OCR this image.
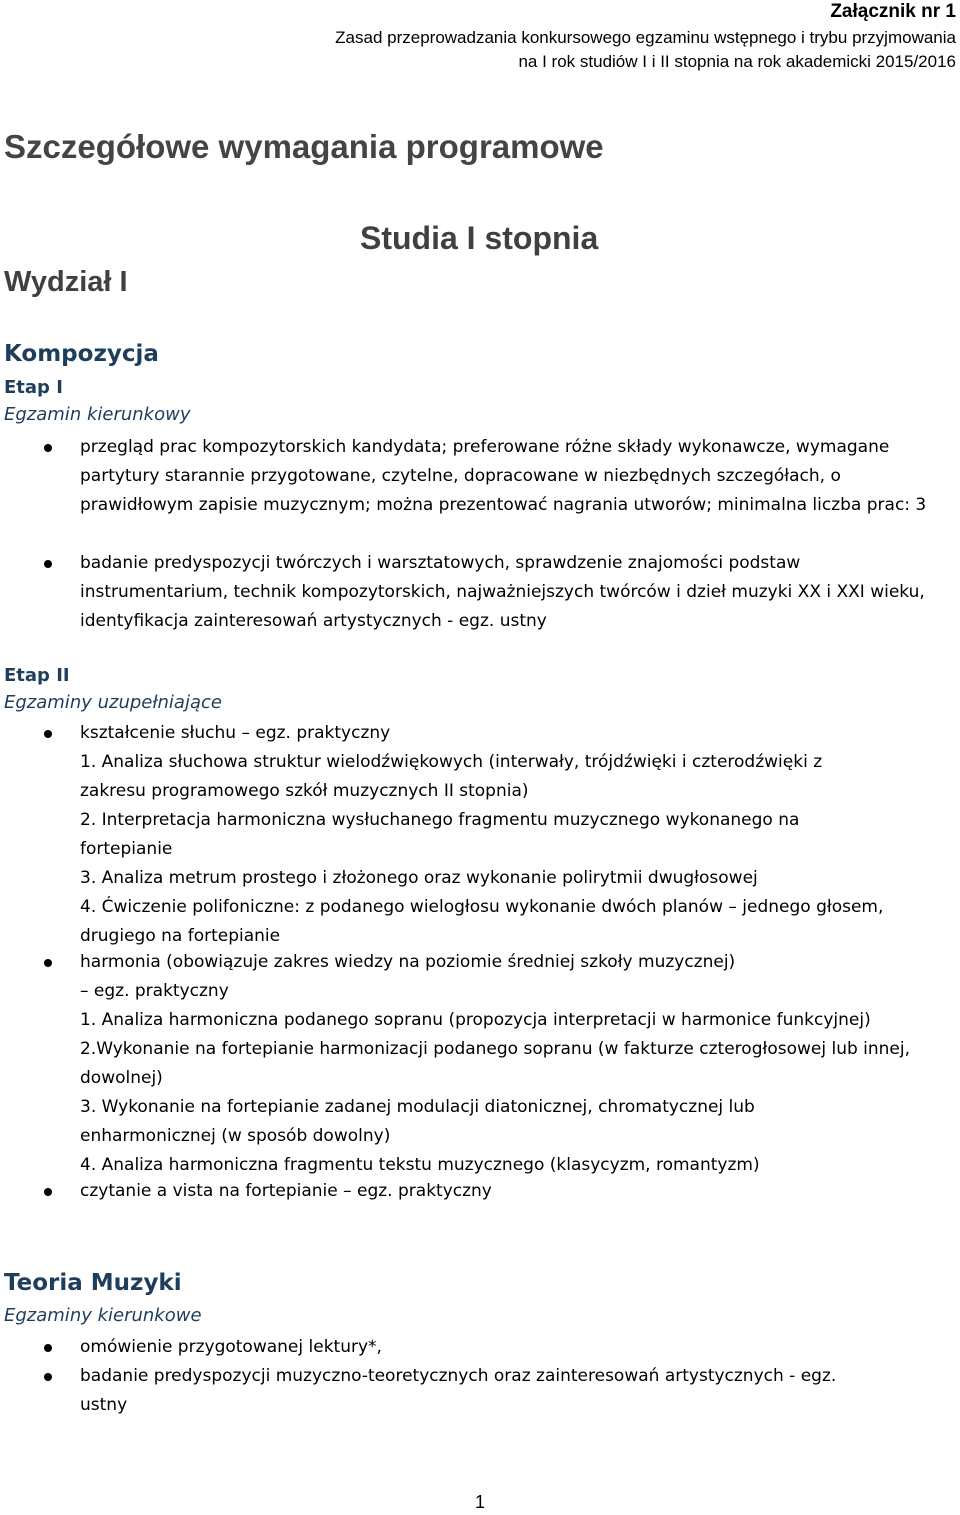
Załącznik nr 1
Zasad przeprowadzania konkursowego egzaminu wstępnego i trybu przyjmowania
na I rok studiów I i II stopnia na rok akademicki 2015/2016
Szczegółowe wymagania programowe
Studia I stopnia
Wydział I
Kompozycja
Etap I
Egzamin kierunkowy
przegląd prac kompozytorskich kandydata; preferowane różne składy wykonawcze, wymagane partytury starannie przygotowane, czytelne, dopracowane w niezbędnych szczegółach, o prawidłowym zapisie muzycznym; można prezentować nagrania utworów; minimalna liczba prac: 3
badanie predyspozycji twórczych i warsztatowych, sprawdzenie znajomości podstaw instrumentarium, technik kompozytorskich, najważniejszych twórców i dzieł muzyki XX i XXI wieku, identyfikacja zainteresowań artystycznych - egz. ustny
Etap II
Egzaminy uzupełniające
kształcenie słuchu – egz. praktyczny
1. Analiza słuchowa struktur wielodźwiękowych (interwały, trójdźwięki i czterodźwięki z zakresu programowego szkół muzycznych II stopnia)
2. Interpretacja harmoniczna wysłuchanego fragmentu muzycznego wykonanego na fortepianie
3. Analiza metrum prostego i złożonego oraz wykonanie polirytmii dwugłosowej
4. Ćwiczenie polifoniczne: z podanego wielogłosu wykonanie dwóch planów – jednego głosem, drugiego na fortepianie
harmonia (obowiązuje zakres wiedzy na poziomie średniej szkoły muzycznej)
– egz. praktyczny
1. Analiza harmoniczna podanego sopranu (propozycja interpretacji w harmonice funkcyjnej)
2.Wykonanie na fortepianie harmonizacji podanego sopranu (w fakturze czterogłosowej lub innej, dowolnej)
3. Wykonanie na fortepianie zadanej modulacji diatonicznej, chromatycznej lub enharmonicznej (w sposób dowolny)
4. Analiza harmoniczna fragmentu tekstu muzycznego (klasycyzm, romantyzm)
czytanie a vista na fortepianie – egz. praktyczny
Teoria Muzyki
Egzaminy kierunkowe
omówienie przygotowanej lektury*,
badanie predyspozycji muzyczno-teoretycznych oraz zainteresowań artystycznych - egz. ustny
1
